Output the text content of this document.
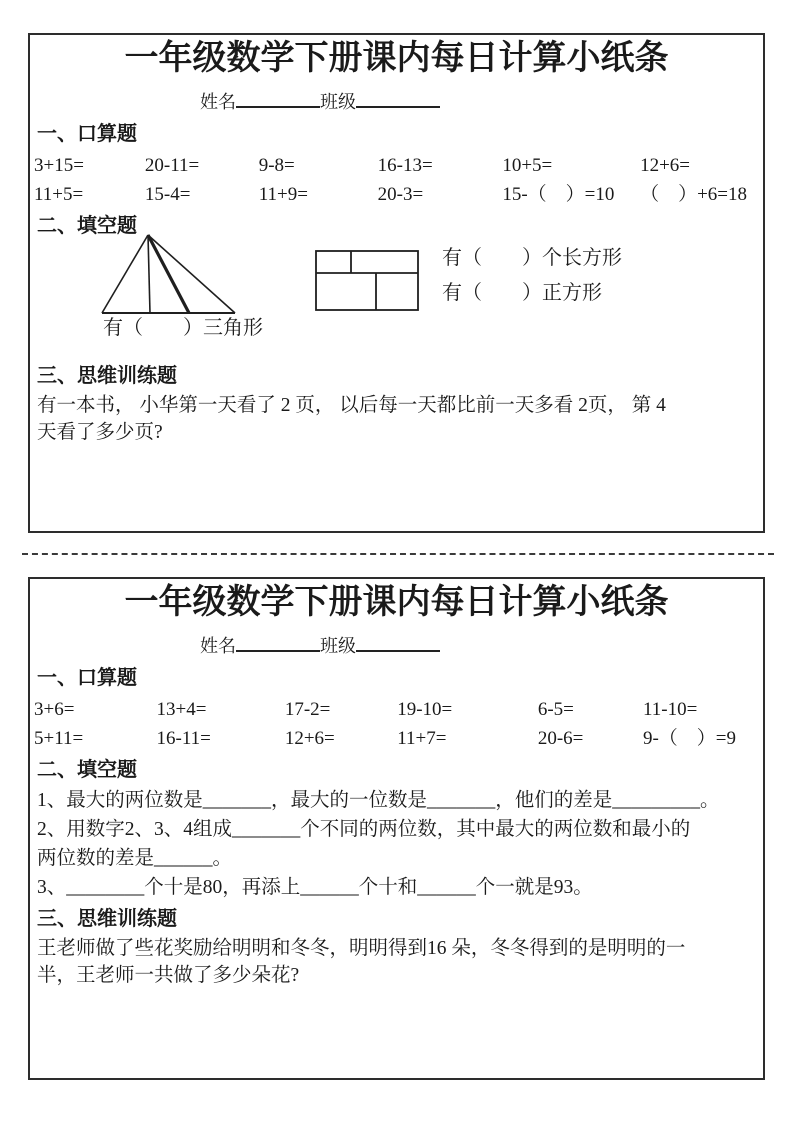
一年级数学下册课内每日计算小纸条
姓名	班级
一、口算题
3+15=	20-11=	9-8=	16-13=	10+5=	12+6=
11+5=	15-4=	11+9=	20-3=	15-（　）=10	（　）+6=18
二、填空题
有（　　）三角形
有（　　）个长方形
有（　　）正方形
三、思维训练题
有一本书， 小华第一天看了 2 页， 以后每一天都比前一天多看 2页， 第 4
天看了多少页?
一年级数学下册课内每日计算小纸条
姓名	班级
一、口算题
3+6=	13+4=	17-2=	19-10=	6-5=	11-10=
5+11=	16-11=	12+6=	11+7=	20-6=	9-（　）=9
二、填空题
1、最大的两位数是_______，最大的一位数是_______，他们的差是_________。
2、用数字2、3、4组成_______个不同的两位数，其中最大的两位数和最小的
两位数的差是______。
3、________个十是80，再添上______个十和______个一就是93。
三、思维训练题
王老师做了些花奖励给明明和冬冬，明明得到16 朵，冬冬得到的是明明的一
半，王老师一共做了多少朵花?
